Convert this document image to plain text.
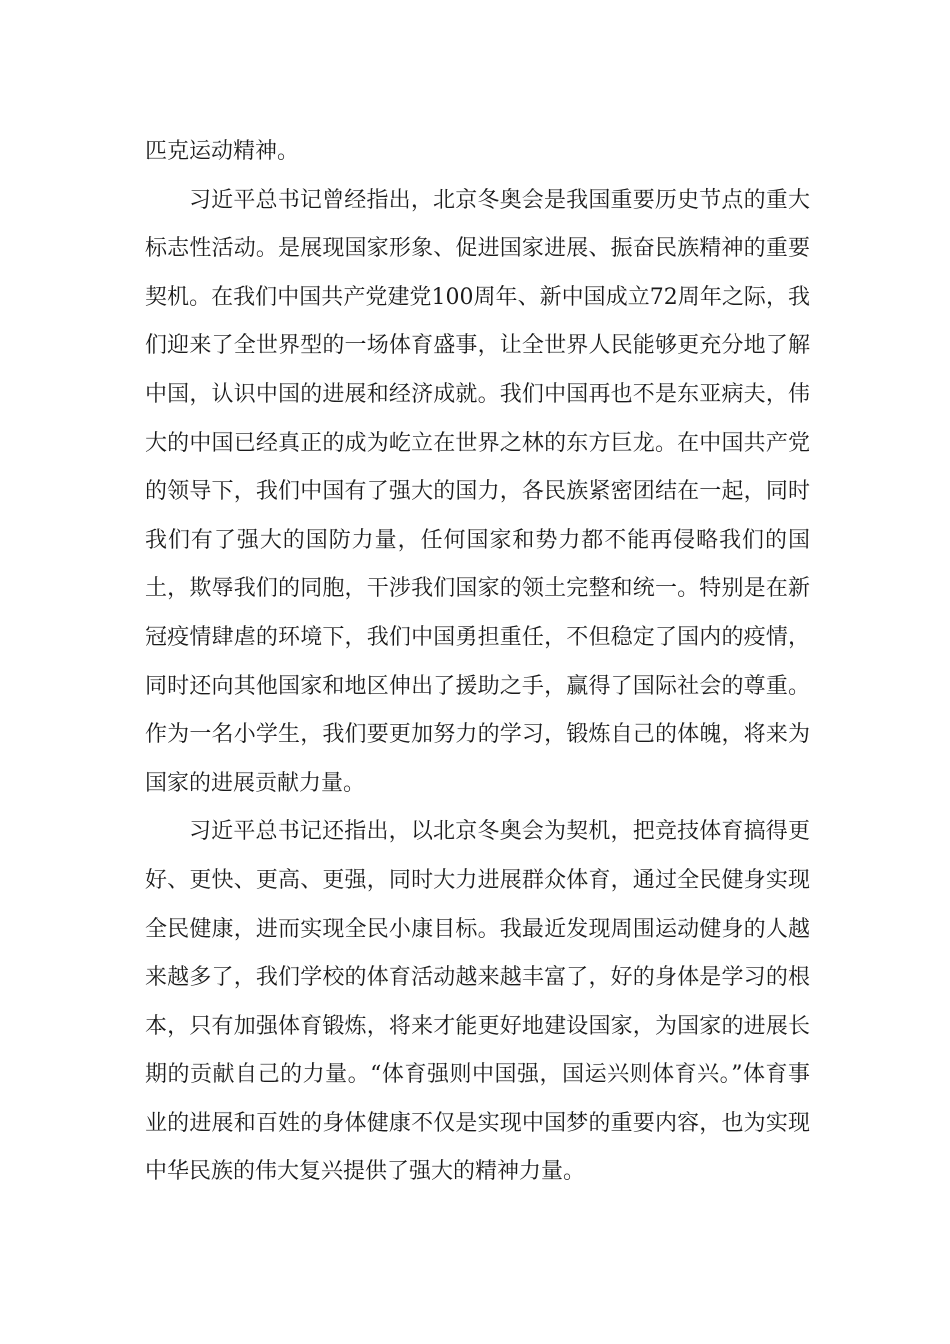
匹克运动精神。

习近平总书记曾经指出，北京冬奥会是我国重要历史节点的重大标志性活动。是展现国家形象、促进国家进展、振奋民族精神的重要契机。在我们中国共产党建党100周年、新中国成立72周年之际，我们迎来了全世界型的一场体育盛事，让全世界人民能够更充分地了解中国，认识中国的进展和经济成就。我们中国再也不是东亚病夫，伟大的中国已经真正的成为屹立在世界之林的东方巨龙。在中国共产党的领导下，我们中国有了强大的国力，各民族紧密团结在一起，同时我们有了强大的国防力量，任何国家和势力都不能再侵略我们的国土，欺辱我们的同胞，干涉我们国家的领土完整和统一。特别是在新冠疫情肆虐的环境下，我们中国勇担重任，不但稳定了国内的疫情，同时还向其他国家和地区伸出了援助之手，赢得了国际社会的尊重。作为一名小学生，我们要更加努力的学习，锻炼自己的体魄，将来为国家的进展贡献力量。

习近平总书记还指出，以北京冬奥会为契机，把竞技体育搞得更好、更快、更高、更强，同时大力进展群众体育，通过全民健身实现全民健康，进而实现全民小康目标。我最近发现周围运动健身的人越来越多了，我们学校的体育活动越来越丰富了，好的身体是学习的根本，只有加强体育锻炼，将来才能更好地建设国家，为国家的进展长期的贡献自己的力量。“体育强则中国强，国运兴则体育兴。”体育事业的进展和百姓的身体健康不仅是实现中国梦的重要内容，也为实现中华民族的伟大复兴提供了强大的精神力量。
